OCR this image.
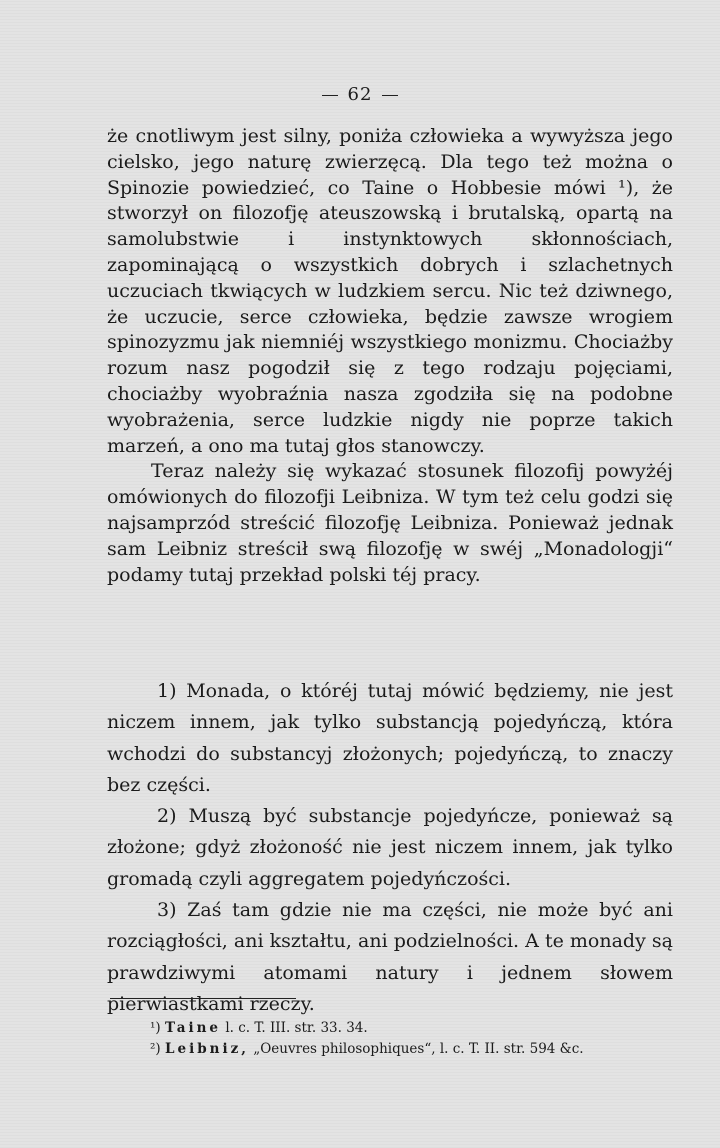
62

że cnotliwym jest silny, poniża człowieka a wywyższa jego cielsko, jego naturę zwierzęcą. Dla tego też można o Spinozie powiedzieć, co Taine o Hobbesie mówi ¹), że stworzył on filozofję ateuszowską i brutalską, opartą na samolubstwie i instynktowych skłonnościach, zapominającą o wszystkich dobrych i szlachetnych uczuciach tkwiących w ludzkiem sercu. Nic też dziwnego, że uczucie, serce człowieka, będzie zawsze wrogiem spinozyzmu jak niemniéj wszystkiego monizmu. Chociażby rozum nasz pogodził się z tego rodzaju pojęciami, chociażby wyobraźnia nasza zgodziła się na podobne wyobrażenia, serce ludzkie nigdy nie poprze takich marzeń, a ono ma tutaj głos stanowczy.

Teraz należy się wykazać stosunek filozofij powyżéj omówionych do filozofji Leibniza. W tym też celu godzi się najsamprzód streścić filozofję Leibniza. Ponieważ jednak sam Leibniz streścił swą filozofję w swéj „Monadologji“ podamy tutaj przekład polski téj pracy.

1) Monada, o któréj tutaj mówić będziemy, nie jest niczem innem, jak tylko substancją pojedyńczą, która wchodzi do substancyj złożonych; pojedyńczą, to znaczy bez części.

2) Muszą być substancje pojedyńcze, ponieważ są złożone; gdyż złożoność nie jest niczem innem, jak tylko gromadą czyli aggregatem pojedyńczości.

3) Zaś tam gdzie nie ma części, nie może być ani rozciągłości, ani kształtu, ani podzielności. A te monady są prawdziwymi atomami natury i jednem słowem pierwiastkami rzeczy.

¹) Taine l. c. T. III. str. 33. 34.

²) Leibniz, „Oeuvres philosophiques“, l. c. T. II. str. 594 &c.
